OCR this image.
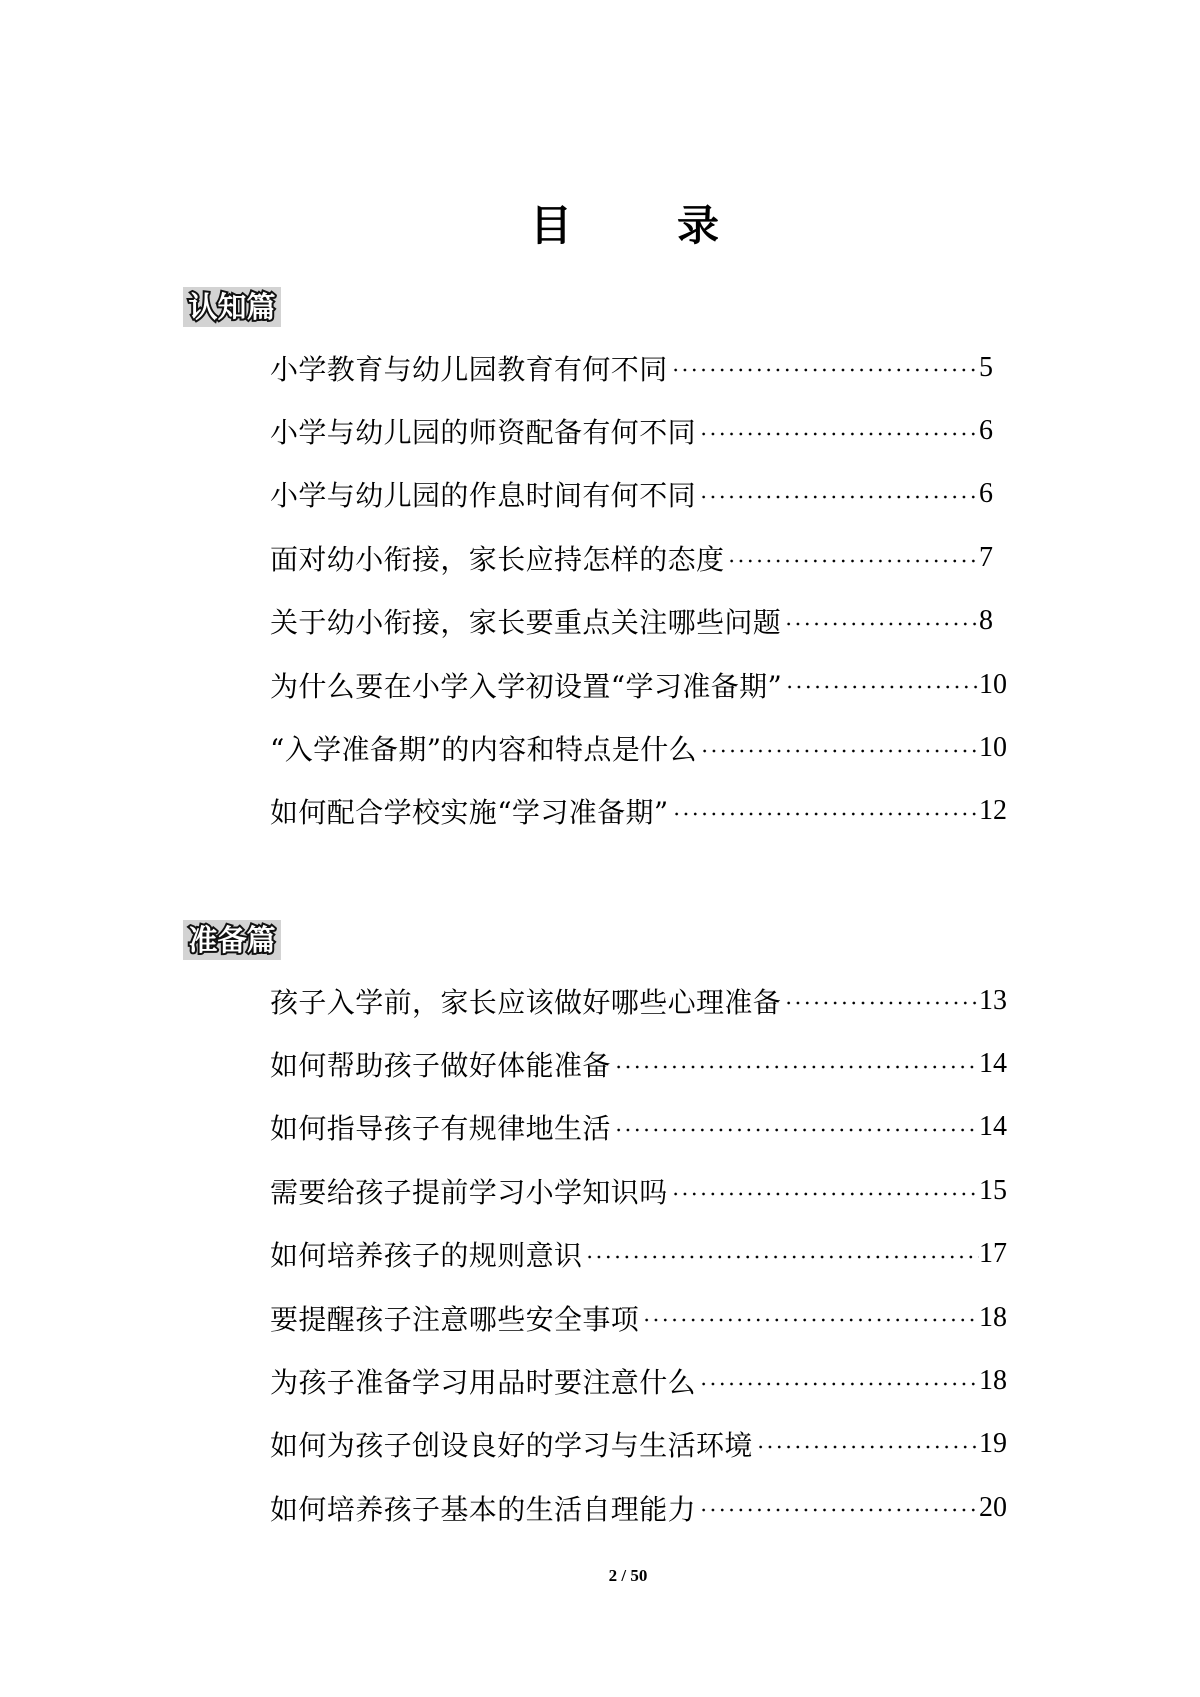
目录
认知篇
小学教育与幼儿园教育有何不同	5
小学与幼儿园的师资配备有何不同	6
小学与幼儿园的作息时间有何不同	6
面对幼小衔接，家长应持怎样的态度	7
关于幼小衔接，家长要重点关注哪些问题	8
为什么要在小学入学初设置“学习准备期”	10
“入学准备期”的内容和特点是什么	10
如何配合学校实施“学习准备期”	12
准备篇
孩子入学前，家长应该做好哪些心理准备	13
如何帮助孩子做好体能准备	14
如何指导孩子有规律地生活	14
需要给孩子提前学习小学知识吗	15
如何培养孩子的规则意识	17
要提醒孩子注意哪些安全事项	18
为孩子准备学习用品时要注意什么	18
如何为孩子创设良好的学习与生活环境	19
如何培养孩子基本的生活自理能力	20
2 / 50
